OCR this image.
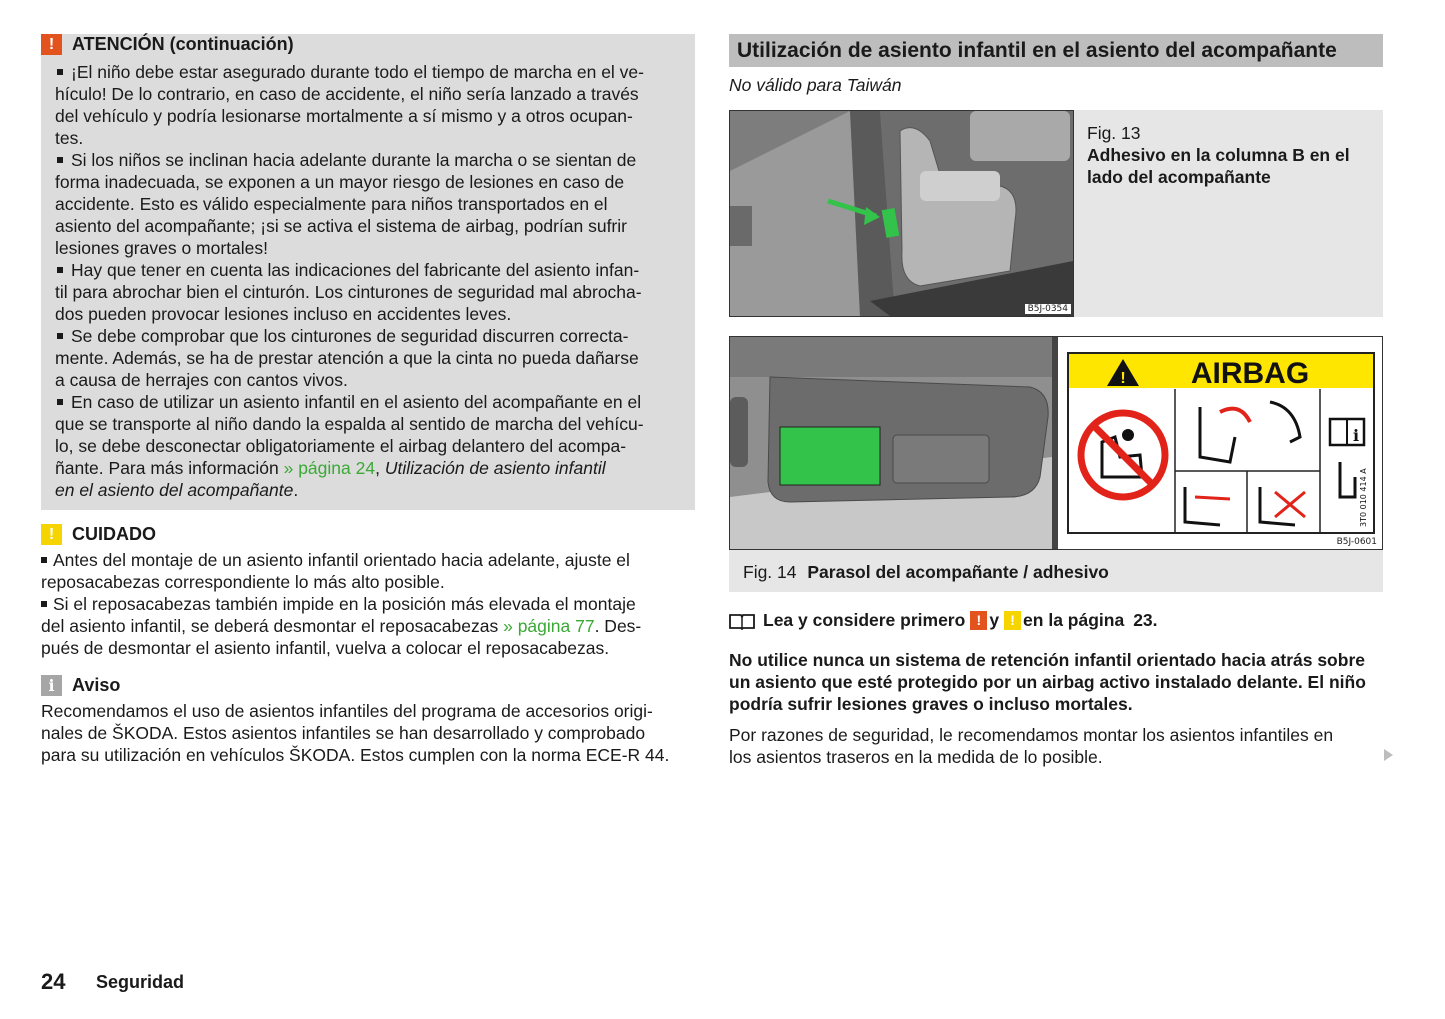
! ATENCIÓN (continuación)

¡El niño debe estar asegurado durante todo el tiempo de marcha en el ve-

hículo! De lo contrario, en caso de accidente, el niño sería lanzado a través

del vehículo y podría lesionarse mortalmente a sí mismo y a otros ocupan-

tes.

Si los niños se inclinan hacia adelante durante la marcha o se sientan de

forma inadecuada, se exponen a un mayor riesgo de lesiones en caso de

accidente. Esto es válido especialmente para niños transportados en el

asiento del acompañante; ¡si se activa el sistema de airbag, podrían sufrir

lesiones graves o mortales!

Hay que tener en cuenta las indicaciones del fabricante del asiento infan-

til para abrochar bien el cinturón. Los cinturones de seguridad mal abrocha-

dos pueden provocar lesiones incluso en accidentes leves.

Se debe comprobar que los cinturones de seguridad discurren correcta-

mente. Además, se ha de prestar atención a que la cinta no pueda dañarse

a causa de herrajes con cantos vivos.

En caso de utilizar un asiento infantil en el asiento del acompañante en el

que se transporte al niño dando la espalda al sentido de marcha del vehícu-

lo, se debe desconectar obligatoriamente el airbag delantero del acompa-

ñante. Para más información » página 24, Utilización de asiento infantil

en el asiento del acompañante.

! CUIDADO

Antes del montaje de un asiento infantil orientado hacia adelante, ajuste el

reposacabezas correspondiente lo más alto posible.

Si el reposacabezas también impide en la posición más elevada el montaje

del asiento infantil, se deberá desmontar el reposacabezas » página 77. Des-

pués de desmontar el asiento infantil, vuelva a colocar el reposacabezas.

i Aviso

Recomendamos el uso de asientos infantiles del programa de accesorios origi-

nales de ŠKODA. Estos asientos infantiles se han desarrollado y comprobado

para su utilización en vehículos ŠKODA. Estos cumplen con la norma ECE-R 44.

Utilización de asiento infantil en el asiento del acompañante
No válido para Taiwán
B5J-0354

Fig. 13

Adhesivo en la columna B en el

lado del acompañante

! AIRBAG
i
3T0 010 414 A
B5J-0601
Fig. 14 Parasol del acompañante / adhesivo
Lea y considere primero ! y ! en la página 23.

No utilice nunca un sistema de retención infantil orientado hacia atrás sobre

un asiento que esté protegido por un airbag activo instalado delante. El niño

podría sufrir lesiones graves o incluso mortales.

Por razones de seguridad, le recomendamos montar los asientos infantiles en

los asientos traseros en la medida de lo posible.

24 Seguridad
